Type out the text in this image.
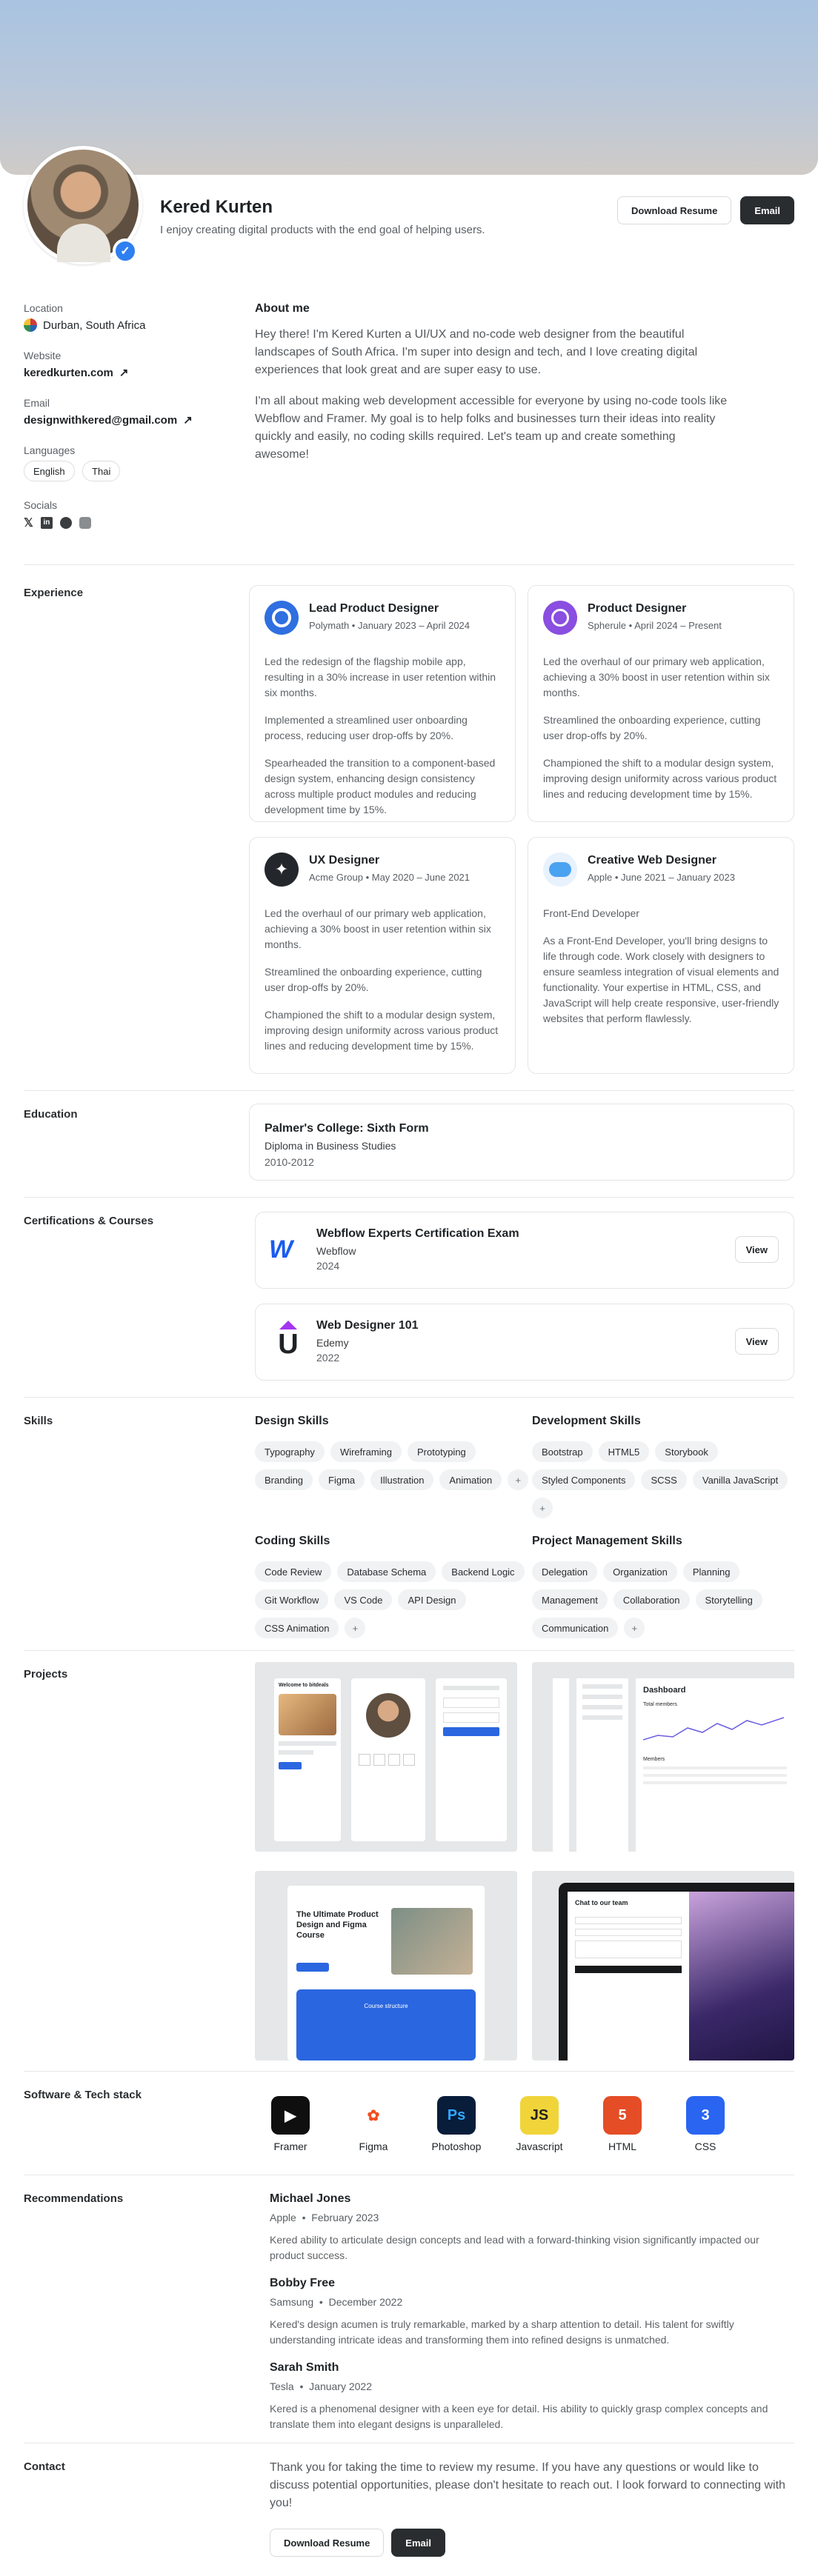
✓
Kered Kurten
I enjoy creating digital products with the end goal of helping users.
Download Resume	Email
Location
Durban, South Africa
Website
keredkurten.com ↗
Email
designwithkered@gmail.com ↗
Languages
English	Thai
Socials
𝕏	in
About me

Hey there! I'm Kered Kurten a UI/UX and no-code web designer from the beautiful landscapes of South Africa. I'm super into design and tech, and I love creating digital experiences that look great and are super easy to use.

I'm all about making web development accessible for everyone by using no-code tools like Webflow and Framer. My goal is to help folks and businesses turn their ideas into reality quickly and easily, no coding skills required. Let's team up and create something awesome!

Experience
Lead Product Designer
Polymath • January 2023 – April 2024

Led the redesign of the flagship mobile app, resulting in a 30% increase in user retention within six months.

Implemented a streamlined user onboarding process, reducing user drop-offs by 20%.

Spearheaded the transition to a component-based design system, enhancing design consistency across multiple product modules and reducing development time by 15%.

Product Designer
Spherule • April 2024 – Present

Led the overhaul of our primary web application, achieving a 30% boost in user retention within six months.

Streamlined the onboarding experience, cutting user drop-offs by 20%.

Championed the shift to a modular design system, improving design uniformity across various product lines and reducing development time by 15%.

✦	UX Designer
Acme Group • May 2020 – June 2021

Led the overhaul of our primary web application, achieving a 30% boost in user retention within six months.

Streamlined the onboarding experience, cutting user drop-offs by 20%.

Championed the shift to a modular design system, improving design uniformity across various product lines and reducing development time by 15%.

Creative Web Designer
Apple • June 2021 – January 2023

Front-End Developer

As a Front-End Developer, you'll bring designs to life through code. Work closely with designers to ensure seamless integration of visual elements and functionality. Your expertise in HTML, CSS, and JavaScript will help create responsive, user-friendly websites that perform flawlessly.

Education
Palmer's College: Sixth Form
Diploma in Business Studies
2010-2012
Certifications & Courses
W
Webflow Experts Certification Exam
Webflow
2024
View
U
Web Designer 101
Edemy
2022
View
Skills	Design Skills
Typography	Wireframing	Prototyping
Branding	Figma	Illustration	Animation	+
Development Skills
Bootstrap	HTML5	Storybook
Styled Components	SCSS	Vanilla JavaScript
+
Coding Skills
Code Review	Database Schema	Backend Logic
Git Workflow	VS Code	API Design
CSS Animation	+
Project Management Skills
Delegation	Organization	Planning
Management	Collaboration	Storytelling
Communication	+
Projects
Welcome to bitdeals
Dashboard
Total members
Members
The Ultimate Product Design and Figma Course
Course structure
Chat to our team
Software & Tech stack
▶
Framer
✿
Figma
Ps
Photoshop
JS
Javascript
5
HTML
3
CSS
Recommendations	Michael Jones
Apple  •  February 2023
Kered ability to articulate design concepts and lead with a forward-thinking vision significantly impacted our product success.
Bobby Free
Samsung  •  December 2022
Kered's design acumen is truly remarkable, marked by a sharp attention to detail. His talent for swiftly understanding intricate ideas and transforming them into refined designs is unmatched.
Sarah Smith
Tesla  •  January 2022
Kered is a phenomenal designer with a keen eye for detail. His ability to quickly grasp complex concepts and translate them into elegant designs is unparalleled.
Contact	Thank you for taking the time to review my resume. If you have any questions or would like to discuss potential opportunities, please don't hesitate to reach out. I look forward to connecting with you!
Download Resume	Email
